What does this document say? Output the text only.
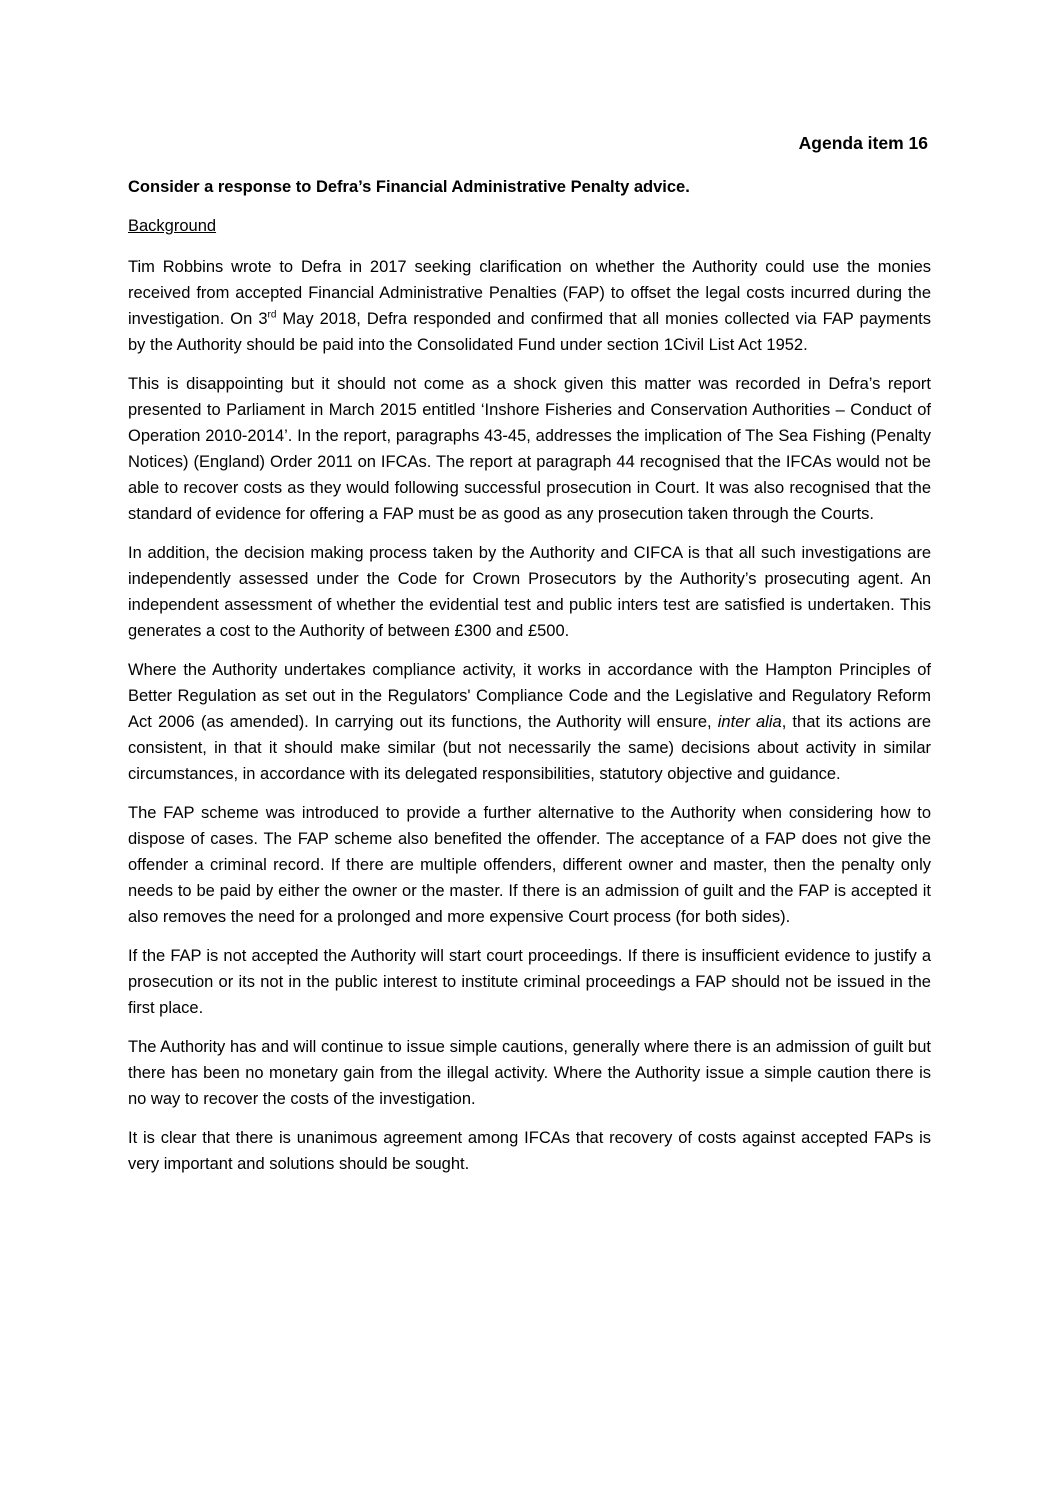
Agenda item 16
Consider a response to Defra’s Financial Administrative Penalty advice.
Background

Tim Robbins wrote to Defra in 2017 seeking clarification on whether the Authority could use the monies received from accepted Financial Administrative Penalties (FAP) to offset the legal costs incurred during the investigation. On 3rd May 2018, Defra responded and confirmed that all monies collected via FAP payments by the Authority should be paid into the Consolidated Fund under section 1Civil List Act 1952.

This is disappointing but it should not come as a shock given this matter was recorded in Defra’s report presented to Parliament in March 2015 entitled ‘Inshore Fisheries and Conservation Authorities – Conduct of Operation 2010-2014’. In the report, paragraphs 43-45, addresses the implication of The Sea Fishing (Penalty Notices) (England) Order 2011 on IFCAs. The report at paragraph 44 recognised that the IFCAs would not be able to recover costs as they would following successful prosecution in Court. It was also recognised that the standard of evidence for offering a FAP must be as good as any prosecution taken through the Courts.

In addition, the decision making process taken by the Authority and CIFCA is that all such investigations are independently assessed under the Code for Crown Prosecutors by the Authority’s prosecuting agent. An independent assessment of whether the evidential test and public inters test are satisfied is undertaken. This generates a cost to the Authority of between £300 and £500.

Where the Authority undertakes compliance activity, it works in accordance with the Hampton Principles of Better Regulation as set out in the Regulators' Compliance Code and the Legislative and Regulatory Reform Act 2006 (as amended). In carrying out its functions, the Authority will ensure, inter alia, that its actions are consistent, in that it should make similar (but not necessarily the same) decisions about activity in similar circumstances, in accordance with its delegated responsibilities, statutory objective and guidance.

The FAP scheme was introduced to provide a further alternative to the Authority when considering how to dispose of cases. The FAP scheme also benefited the offender. The acceptance of a FAP does not give the offender a criminal record. If there are multiple offenders, different owner and master, then the penalty only needs to be paid by either the owner or the master. If there is an admission of guilt and the FAP is accepted it also removes the need for a prolonged and more expensive Court process (for both sides).

If the FAP is not accepted the Authority will start court proceedings. If there is insufficient evidence to justify a prosecution or its not in the public interest to institute criminal proceedings a FAP should not be issued in the first place.

The Authority has and will continue to issue simple cautions, generally where there is an admission of guilt but there has been no monetary gain from the illegal activity. Where the Authority issue a simple caution there is no way to recover the costs of the investigation.

It is clear that there is unanimous agreement among IFCAs that recovery of costs against accepted FAPs is very important and solutions should be sought.
